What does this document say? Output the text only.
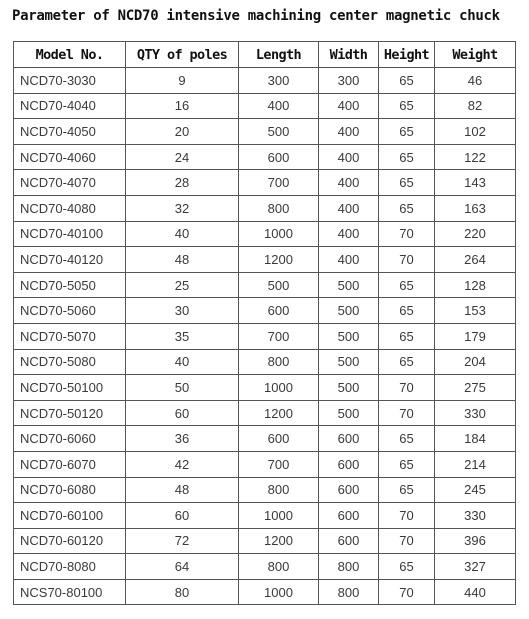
Parameter of NCD70 intensive machining center magnetic chuck
Model No.	QTY of poles	Length	Width	Height	Weight
NCD70-3030	9	300	300	65	46
NCD70-4040	16	400	400	65	82
NCD70-4050	20	500	400	65	102
NCD70-4060	24	600	400	65	122
NCD70-4070	28	700	400	65	143
NCD70-4080	32	800	400	65	163
NCD70-40100	40	1000	400	70	220
NCD70-40120	48	1200	400	70	264
NCD70-5050	25	500	500	65	128
NCD70-5060	30	600	500	65	153
NCD70-5070	35	700	500	65	179
NCD70-5080	40	800	500	65	204
NCD70-50100	50	1000	500	70	275
NCD70-50120	60	1200	500	70	330
NCD70-6060	36	600	600	65	184
NCD70-6070	42	700	600	65	214
NCD70-6080	48	800	600	65	245
NCD70-60100	60	1000	600	70	330
NCD70-60120	72	1200	600	70	396
NCD70-8080	64	800	800	65	327
NCS70-80100	80	1000	800	70	440
